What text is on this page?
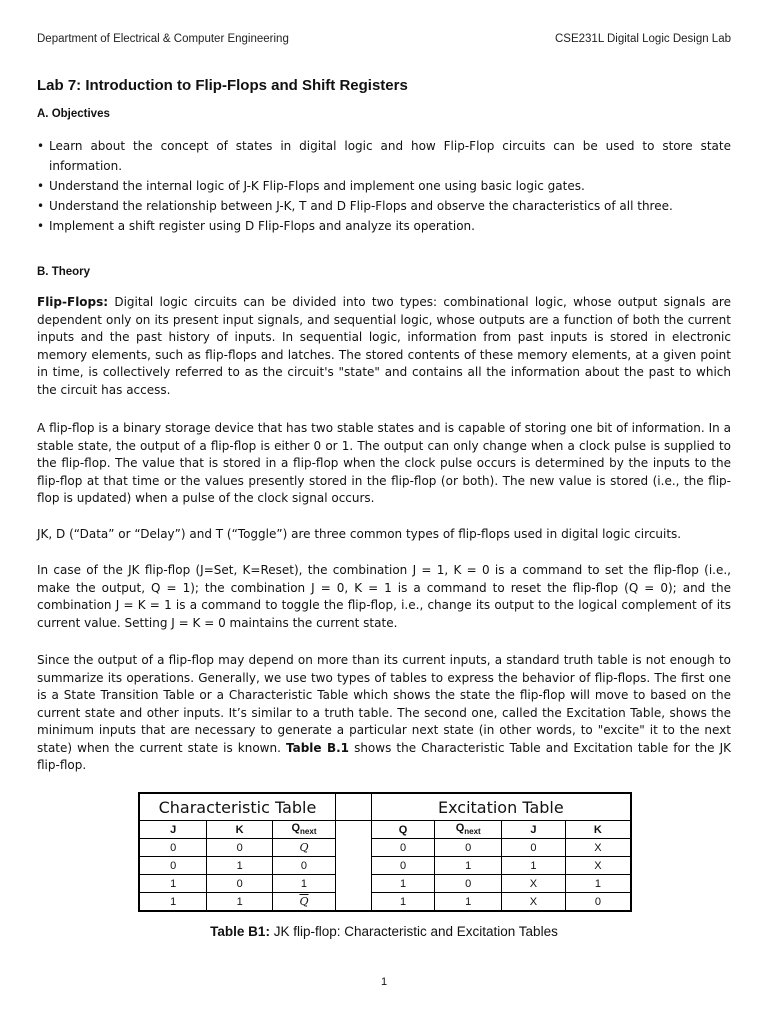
Department of Electrical & Computer Engineering	CSE231L Digital Logic Design Lab
Lab 7: Introduction to Flip-Flops and Shift Registers
A. Objectives
• Learn about the concept of states in digital logic and how Flip-Flop circuits can be used to store state information.
• Understand the internal logic of J-K Flip-Flops and implement one using basic logic gates.
• Understand the relationship between J-K, T and D Flip-Flops and observe the characteristics of all three.
• Implement a shift register using D Flip-Flops and analyze its operation.
B. Theory

Flip-Flops: Digital logic circuits can be divided into two types: combinational logic, whose output signals are dependent only on its present input signals, and sequential logic, whose outputs are a function of both the current inputs and the past history of inputs. In sequential logic, information from past inputs is stored in electronic memory elements, such as flip-flops and latches. The stored contents of these memory elements, at a given point in time, is collectively referred to as the circuit's "state" and contains all the information about the past to which the circuit has access.

A flip-flop is a binary storage device that has two stable states and is capable of storing one bit of information. In a stable state, the output of a flip-flop is either 0 or 1. The output can only change when a clock pulse is supplied to the flip-flop. The value that is stored in a flip-flop when the clock pulse occurs is determined by the inputs to the flip-flop at that time or the values presently stored in the flip-flop (or both). The new value is stored (i.e., the flip-flop is updated) when a pulse of the clock signal occurs.

JK, D (“Data” or “Delay”) and T (“Toggle”) are three common types of flip-flops used in digital logic circuits.

In case of the JK flip-flop (J=Set, K=Reset), the combination J = 1, K = 0 is a command to set the flip-flop (i.e., make the output, Q = 1); the combination J = 0, K = 1 is a command to reset the flip-flop (Q = 0); and the combination J = K = 1 is a command to toggle the flip-flop, i.e., change its output to the logical complement of its current value. Setting J = K = 0 maintains the current state.

Since the output of a flip-flop may depend on more than its current inputs, a standard truth table is not enough to summarize its operations. Generally, we use two types of tables to express the behavior of flip-flops. The first one is a State Transition Table or a Characteristic Table which shows the state the flip-flop will move to based on the current state and other inputs. It’s similar to a truth table. The second one, called the Excitation Table, shows the minimum inputs that are necessary to generate a particular next state (in other words, to "excite" it to the next state) when the current state is known. Table B.1 shows the Characteristic Table and Excitation table for the JK flip-flop.

Characteristic Table				Excitation Table			
J	K	$Q_{next}$		Q	$Q_{next}$	J	K
0	0	Q		0	0	0	X
0	1	0		0	1	1	X
1	0	1		1	0	X	1
1	1	$\overline{Q}$		1	1	X	0
Table B1: JK flip-flop: Characteristic and Excitation Tables
1
